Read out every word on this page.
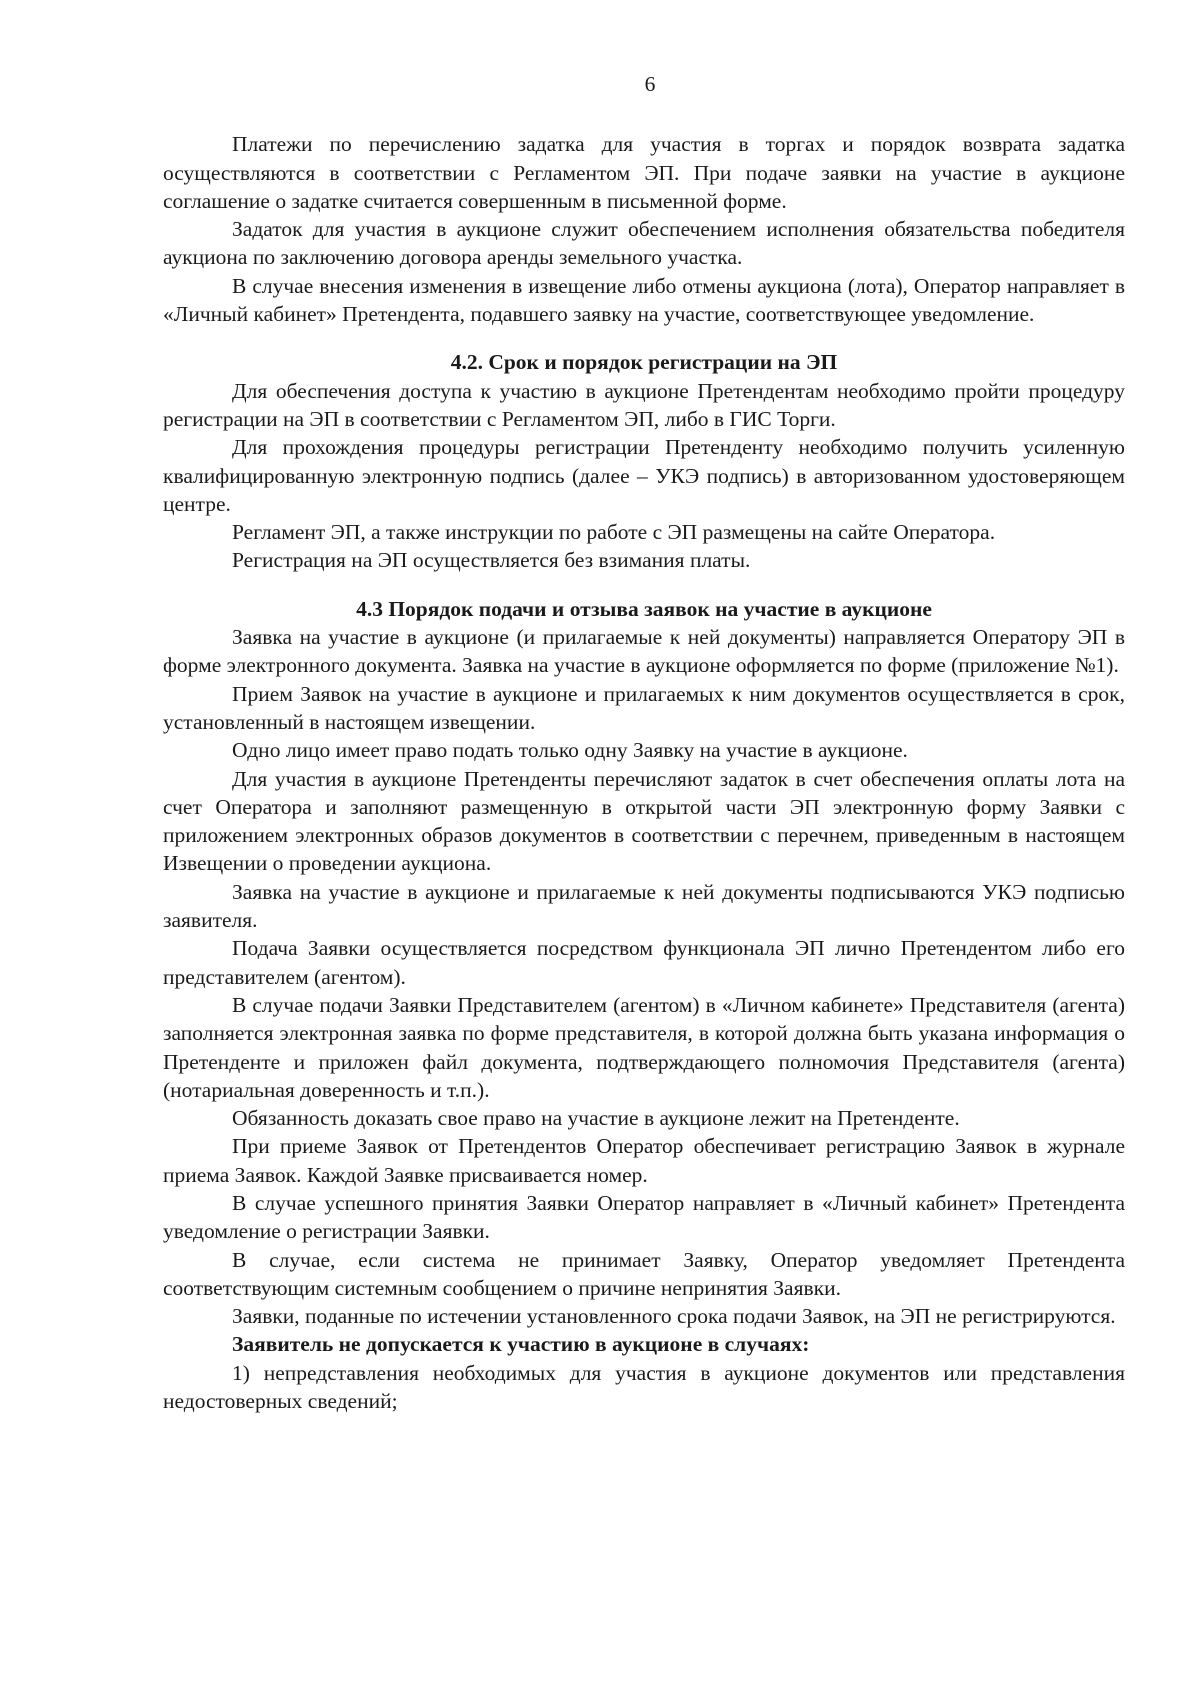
6

Платежи по перечислению задатка для участия в торгах и порядок возврата задатка осуществляются в соответствии с Регламентом ЭП. При подаче заявки на участие в аукционе соглашение о задатке считается совершенным в письменной форме.

Задаток для участия в аукционе служит обеспечением исполнения обязательства победителя аукциона по заключению договора аренды земельного участка.

В случае внесения изменения в извещение либо отмены аукциона (лота), Оператор направляет в «Личный кабинет» Претендента, подавшего заявку на участие, соответствующее уведомление.

4.2. Срок и порядок регистрации на ЭП

Для обеспечения доступа к участию в аукционе Претендентам необходимо пройти процедуру регистрации на ЭП в соответствии с Регламентом ЭП, либо в ГИС Торги.

Для прохождения процедуры регистрации Претенденту необходимо получить усиленную квалифицированную электронную подпись (далее – УКЭ подпись) в авторизованном удостоверяющем центре.

Регламент ЭП, а также инструкции по работе с ЭП размещены на сайте Оператора.

Регистрация на ЭП осуществляется без взимания платы.

4.3 Порядок подачи и отзыва заявок на участие в аукционе

Заявка на участие в аукционе (и прилагаемые к ней документы) направляется Оператору ЭП в форме электронного документа. Заявка на участие в аукционе оформляется по форме (приложение №1).

Прием Заявок на участие в аукционе и прилагаемых к ним документов осуществляется в срок, установленный в настоящем извещении.

Одно лицо имеет право подать только одну Заявку на участие в аукционе.

Для участия в аукционе Претенденты перечисляют задаток в счет обеспечения оплаты лота на счет Оператора и заполняют размещенную в открытой части ЭП электронную форму Заявки с приложением электронных образов документов в соответствии с перечнем, приведенным в настоящем Извещении о проведении аукциона.

Заявка на участие в аукционе и прилагаемые к ней документы подписываются УКЭ подписью заявителя.

Подача Заявки осуществляется посредством функционала ЭП лично Претендентом либо его представителем (агентом).

В случае подачи Заявки Представителем (агентом) в «Личном кабинете» Представителя (агента) заполняется электронная заявка по форме представителя, в которой должна быть указана информация о Претенденте и приложен файл документа, подтверждающего полномочия Представителя (агента) (нотариальная доверенность и т.п.).

Обязанность доказать свое право на участие в аукционе лежит на Претенденте.

При приеме Заявок от Претендентов Оператор обеспечивает регистрацию Заявок в журнале приема Заявок. Каждой Заявке присваивается номер.

В случае успешного принятия Заявки Оператор направляет в «Личный кабинет» Претендента уведомление о регистрации Заявки.

В случае, если система не принимает Заявку, Оператор уведомляет Претендента соответствующим системным сообщением о причине непринятия Заявки.

Заявки, поданные по истечении установленного срока подачи Заявок, на ЭП не регистрируются.

Заявитель не допускается к участию в аукционе в случаях:

1) непредставления необходимых для участия в аукционе документов или представления недостоверных сведений;
